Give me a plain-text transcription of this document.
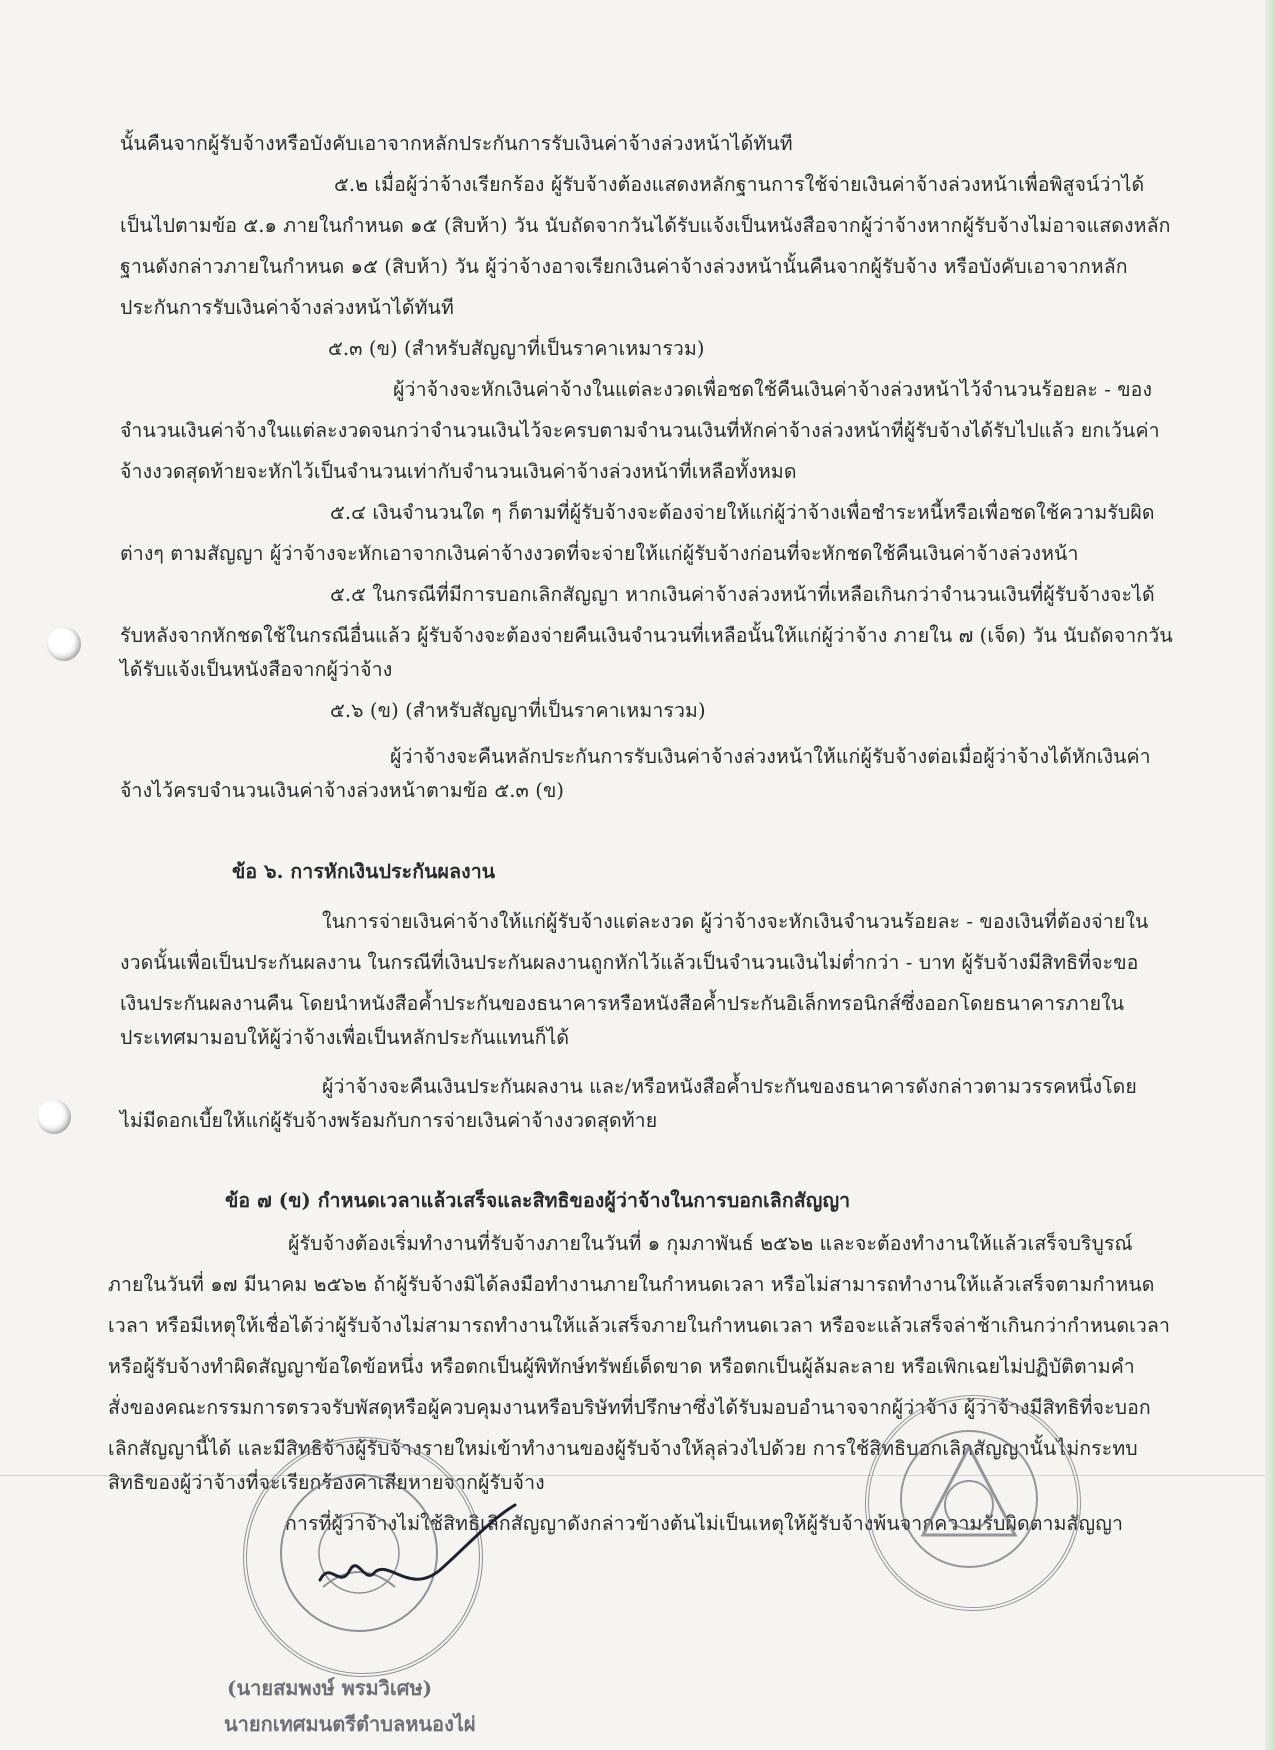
นั้นคืนจากผู้รับจ้างหรือบังคับเอาจากหลักประกันการรับเงินค่าจ้างล่วงหน้าได้ทันที
๕.๒ เมื่อผู้ว่าจ้างเรียกร้อง ผู้รับจ้างต้องแสดงหลักฐานการใช้จ่ายเงินค่าจ้างล่วงหน้าเพื่อพิสูจน์ว่าได้
เป็นไปตามข้อ ๕.๑ ภายในกำหนด ๑๕ (สิบห้า) วัน นับถัดจากวันได้รับแจ้งเป็นหนังสือจากผู้ว่าจ้างหากผู้รับจ้างไม่อาจแสดงหลัก
ฐานดังกล่าวภายในกำหนด ๑๕ (สิบห้า) วัน ผู้ว่าจ้างอาจเรียกเงินค่าจ้างล่วงหน้านั้นคืนจากผู้รับจ้าง หรือบังคับเอาจากหลัก
ประกันการรับเงินค่าจ้างล่วงหน้าได้ทันที
๕.๓ (ข) (สำหรับสัญญาที่เป็นราคาเหมารวม)
ผู้ว่าจ้างจะหักเงินค่าจ้างในแต่ละงวดเพื่อชดใช้คืนเงินค่าจ้างล่วงหน้าไว้จำนวนร้อยละ - ของ
จำนวนเงินค่าจ้างในแต่ละงวดจนกว่าจำนวนเงินไว้จะครบตามจำนวนเงินที่หักค่าจ้างล่วงหน้าที่ผู้รับจ้างได้รับไปแล้ว ยกเว้นค่า
จ้างงวดสุดท้ายจะหักไว้เป็นจำนวนเท่ากับจำนวนเงินค่าจ้างล่วงหน้าที่เหลือทั้งหมด
๕.๔ เงินจำนวนใด ๆ ก็ตามที่ผู้รับจ้างจะต้องจ่ายให้แก่ผู้ว่าจ้างเพื่อชำระหนี้หรือเพื่อชดใช้ความรับผิด
ต่างๆ ตามสัญญา ผู้ว่าจ้างจะหักเอาจากเงินค่าจ้างงวดที่จะจ่ายให้แก่ผู้รับจ้างก่อนที่จะหักชดใช้คืนเงินค่าจ้างล่วงหน้า
๕.๕ ในกรณีที่มีการบอกเลิกสัญญา หากเงินค่าจ้างล่วงหน้าที่เหลือเกินกว่าจำนวนเงินที่ผู้รับจ้างจะได้
รับหลังจากหักชดใช้ในกรณีอื่นแล้ว ผู้รับจ้างจะต้องจ่ายคืนเงินจำนวนที่เหลือนั้นให้แก่ผู้ว่าจ้าง ภายใน ๗ (เจ็ด) วัน นับถัดจากวัน
ได้รับแจ้งเป็นหนังสือจากผู้ว่าจ้าง
๕.๖ (ข) (สำหรับสัญญาที่เป็นราคาเหมารวม)
ผู้ว่าจ้างจะคืนหลักประกันการรับเงินค่าจ้างล่วงหน้าให้แก่ผู้รับจ้างต่อเมื่อผู้ว่าจ้างได้หักเงินค่า
จ้างไว้ครบจำนวนเงินค่าจ้างล่วงหน้าตามข้อ ๕.๓ (ข)
ข้อ ๖. การหักเงินประกันผลงาน
ในการจ่ายเงินค่าจ้างให้แก่ผู้รับจ้างแต่ละงวด ผู้ว่าจ้างจะหักเงินจำนวนร้อยละ - ของเงินที่ต้องจ่ายใน
งวดนั้นเพื่อเป็นประกันผลงาน ในกรณีที่เงินประกันผลงานถูกหักไว้แล้วเป็นจำนวนเงินไม่ต่ำกว่า - บาท ผู้รับจ้างมีสิทธิที่จะขอ
เงินประกันผลงานคืน โดยนำหนังสือค้ำประกันของธนาคารหรือหนังสือค้ำประกันอิเล็กทรอนิกส์ซึ่งออกโดยธนาคารภายใน
ประเทศมามอบให้ผู้ว่าจ้างเพื่อเป็นหลักประกันแทนก็ได้
ผู้ว่าจ้างจะคืนเงินประกันผลงาน และ/หรือหนังสือค้ำประกันของธนาคารดังกล่าวตามวรรคหนึ่งโดย
ไม่มีดอกเบี้ยให้แก่ผู้รับจ้างพร้อมกับการจ่ายเงินค่าจ้างงวดสุดท้าย
ข้อ ๗ (ข) กำหนดเวลาแล้วเสร็จและสิทธิของผู้ว่าจ้างในการบอกเลิกสัญญา
ผู้รับจ้างต้องเริ่มทำงานที่รับจ้างภายในวันที่ ๑ กุมภาพันธ์ ๒๕๖๒ และจะต้องทำงานให้แล้วเสร็จบริบูรณ์
ภายในวันที่ ๑๗ มีนาคม ๒๕๖๒ ถ้าผู้รับจ้างมิได้ลงมือทำงานภายในกำหนดเวลา หรือไม่สามารถทำงานให้แล้วเสร็จตามกำหนด
เวลา หรือมีเหตุให้เชื่อได้ว่าผู้รับจ้างไม่สามารถทำงานให้แล้วเสร็จภายในกำหนดเวลา หรือจะแล้วเสร็จล่าช้าเกินกว่ากำหนดเวลา
หรือผู้รับจ้างทำผิดสัญญาข้อใดข้อหนึ่ง หรือตกเป็นผู้พิทักษ์ทรัพย์เด็ดขาด หรือตกเป็นผู้ล้มละลาย หรือเพิกเฉยไม่ปฏิบัติตามคำ
สั่งของคณะกรรมการตรวจรับพัสดุหรือผู้ควบคุมงานหรือบริษัทที่ปรึกษาซึ่งได้รับมอบอำนาจจากผู้ว่าจ้าง ผู้ว่าจ้างมีสิทธิที่จะบอก
เลิกสัญญานี้ได้ และมีสิทธิจ้างผู้รับจ้างรายใหม่เข้าทำงานของผู้รับจ้างให้ลุล่วงไปด้วย การใช้สิทธิบอกเลิกสัญญานั้นไม่กระทบ
สิทธิของผู้ว่าจ้างที่จะเรียกร้องค่าเสียหายจากผู้รับจ้าง
การที่ผู้ว่าจ้างไม่ใช้สิทธิเลิกสัญญาดังกล่าวข้างต้นไม่เป็นเหตุให้ผู้รับจ้างพ้นจากความรับผิดตามสัญญา
(นายสมพงษ์ พรมวิเศษ)
นายกเทศมนตรีตำบลหนองไผ่
